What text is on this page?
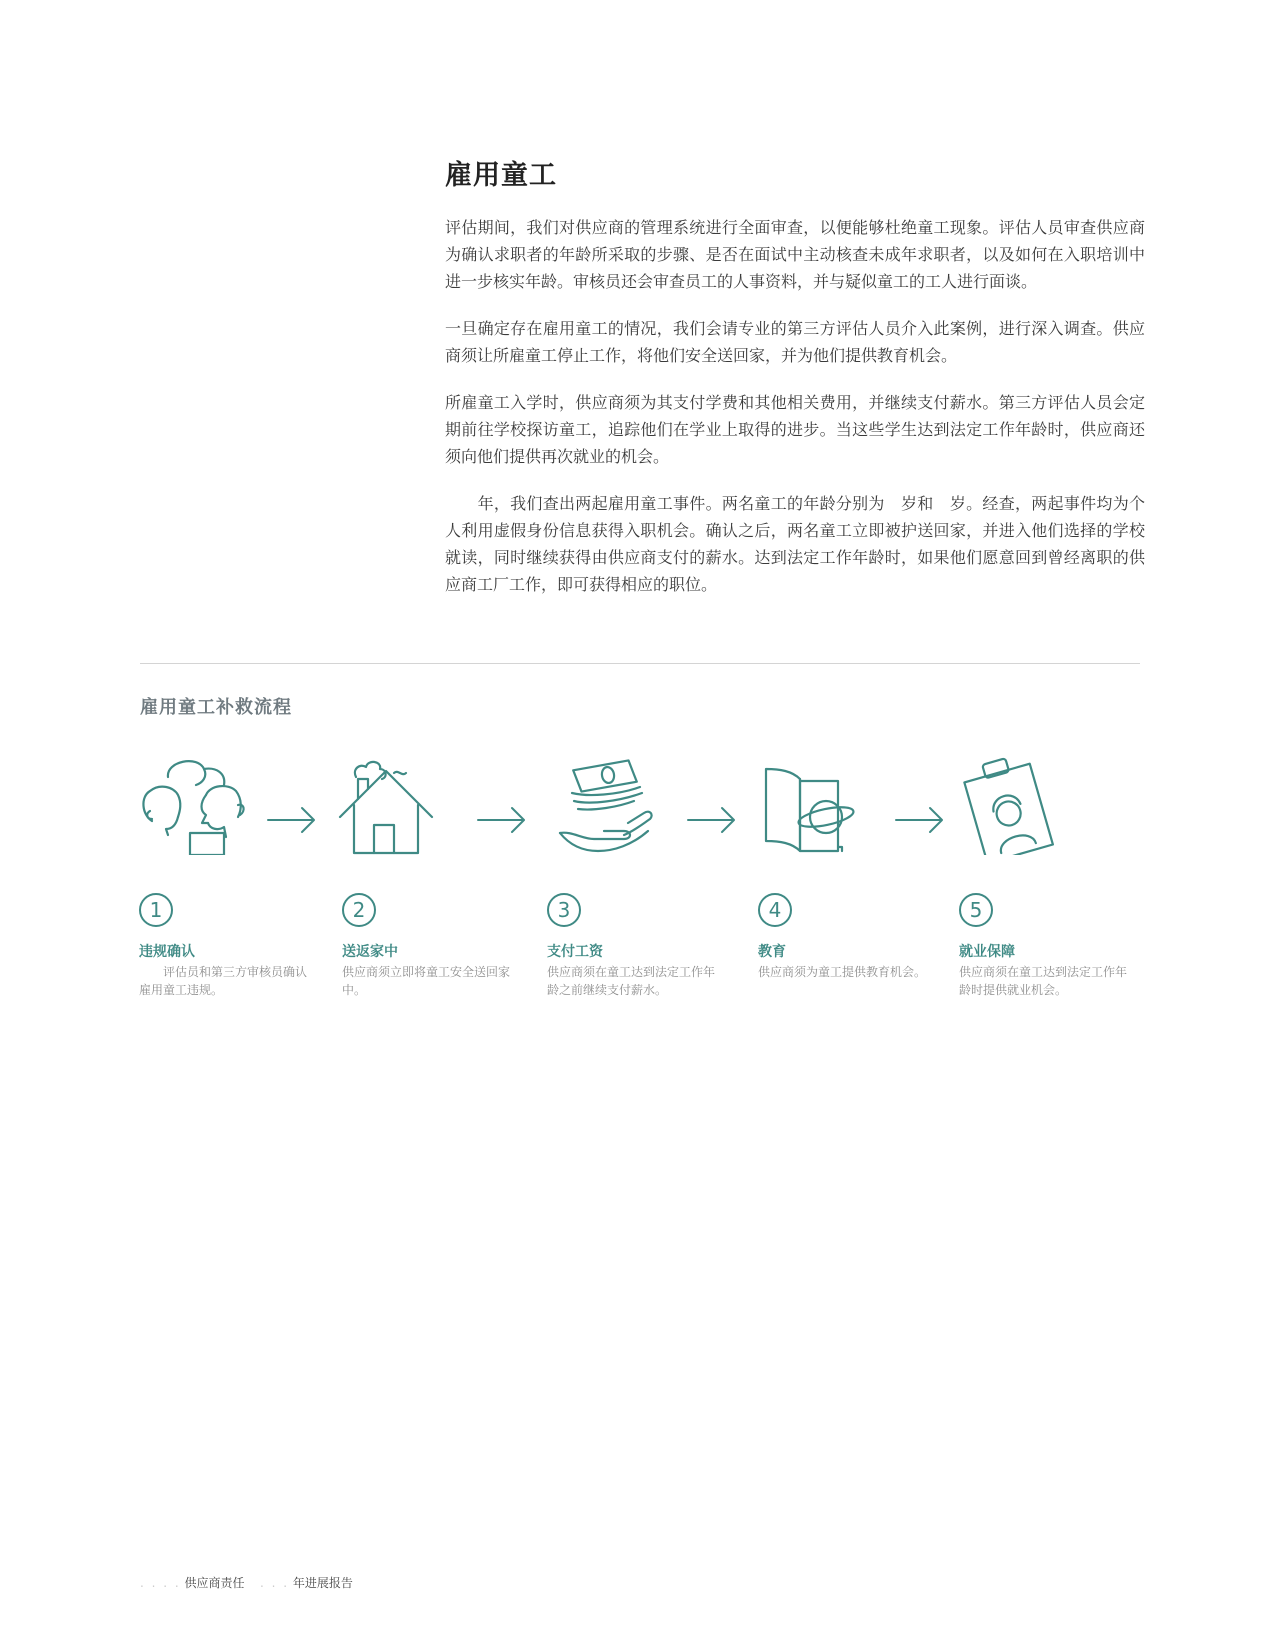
雇用童工

评估期间，我们对供应商的管理系统进行全面审查，以便能够杜绝童工现象。评估人员审查供应商为确认求职者的年龄所采取的步骤、是否在面试中主动核查未成年求职者，以及如何在入职培训中进一步核实年龄。审核员还会审查员工的人事资料，并与疑似童工的工人进行面谈。

一旦确定存在雇用童工的情况，我们会请专业的第三方评估人员介入此案例，进行深入调查。供应商须让所雇童工停止工作，将他们安全送回家，并为他们提供教育机会。

所雇童工入学时，供应商须为其支付学费和其他相关费用，并继续支付薪水。第三方评估人员会定期前往学校探访童工，追踪他们在学业上取得的进步。当这些学生达到法定工作年龄时，供应商还须向他们提供再次就业的机会。

　　年，我们查出两起雇用童工事件。两名童工的年龄分别为　岁和　岁。经查，两起事件均为个人利用虚假身份信息获得入职机会。确认之后，两名童工立即被护送回家，并进入他们选择的学校就读，同时继续获得由供应商支付的薪水。达到法定工作年龄时，如果他们愿意回到曾经离职的供应商工厂工作，即可获得相应的职位。

雇用童工补救流程
1
违规确认
　　评估员和第三方审核员确认雇用童工违规。
2
送返家中
供应商须立即将童工安全送回家中。
3
支付工资
供应商须在童工达到法定工作年龄之前继续支付薪水。
4
教育
供应商须为童工提供教育机会。
5
就业保障
供应商须在童工达到法定工作年龄时提供就业机会。
. . . . 供应商责任   . . . 年进展报告
